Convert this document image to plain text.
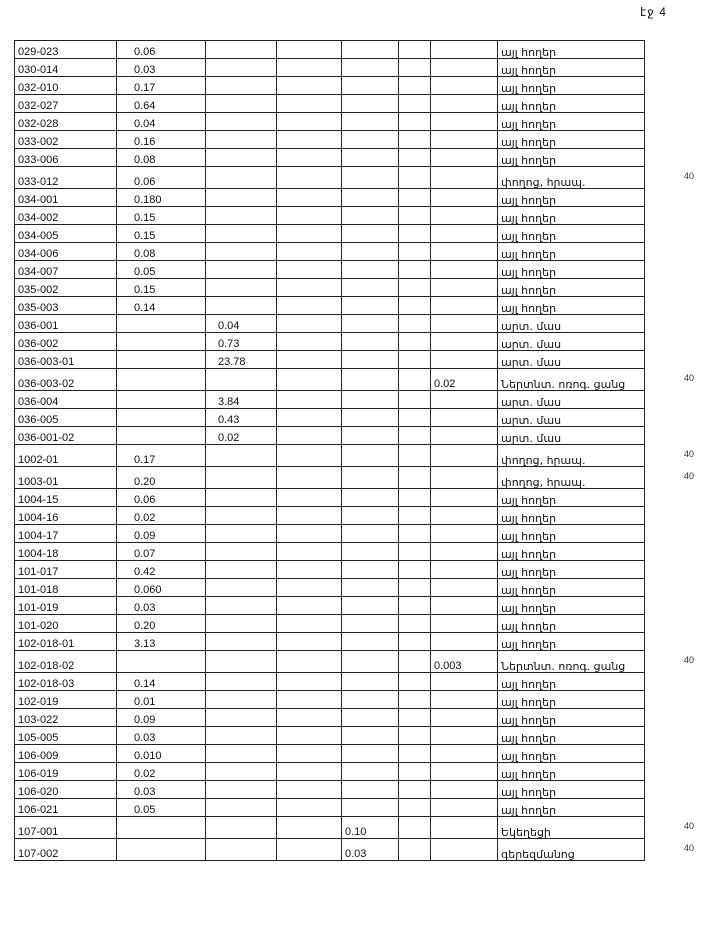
էջ 4
029-023	0.06						այլ հողեր
030-014	0.03						այլ հողեր
032-010	0.17						այլ հողեր
032-027	0.64						այլ հողեր
032-028	0.04						այլ հողեր
033-002	0.16						այլ հողեր
033-006	0.08						այլ հողեր
033-012	0.06						փողոց, հրապ.
034-001	0.180						այլ հողեր
034-002	0.15						այլ հողեր
034-005	0.15						այլ հողեր
034-006	0.08						այլ հողեր
034-007	0.05						այլ հողեր
035-002	0.15						այլ հողեր
035-003	0.14						այլ հողեր
036-001		0.04					արտ. մաս
036-002		0.73					արտ. մաս
036-003-01		23.78					արտ. մաս
036-003-02						0.02	Ներտնտ. ոռոգ. ցանց
036-004		3.84					արտ. մաս
036-005		0.43					արտ. մաս
036-001-02		0.02					արտ. մաս
1002-01	0.17						փողոց, հրապ.
1003-01	0.20						փողոց, հրապ.
1004-15	0.06						այլ հողեր
1004-16	0.02						այլ հողեր
1004-17	0.09						այլ հողեր
1004-18	0.07						այլ հողեր
101-017	0.42						այլ հողեր
101-018	0.060						այլ հողեր
101-019	0.03						այլ հողեր
101-020	0.20						այլ հողեր
102-018-01	3.13						այլ հողեր
102-018-02						0.003	Ներտնտ. ոռոգ. ցանց
102-018-03	0.14						այլ հողեր
102-019	0.01						այլ հողեր
103-022	0.09						այլ հողեր
105-005	0.03						այլ հողեր
106-009	0.010						այլ հողեր
106-019	0.02						այլ հողեր
106-020	0.03						այլ հողեր
106-021	0.05						այլ հողեր
107-001				0.10			Եկեղեցի
107-002				0.03			գերեզմանոց
40
40
40
40
40
40
40
